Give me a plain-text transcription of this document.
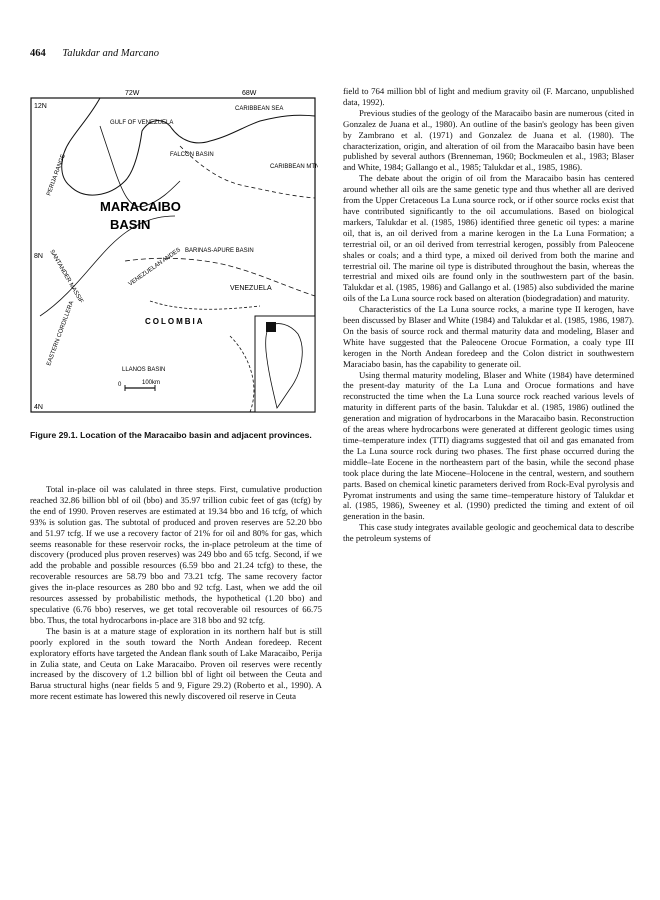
464 Talukdar and Marcano
72W	68W
12N
8N
4N
CARIBBEAN SEA
GULF OF VENEZUELA
FALCON BASIN
CARIBBEAN MTN
MARACAIBO
BASIN
PERIJA RANGE
SANTANDER MASSIF	VENEZUELAN ANDES BARINAS-APURE BASIN
VENEZUELA
COLOMBIA
EASTERN CORDILLERA
LLANOS BASIN
0	100km
Figure 29.1. Location of the Maracaibo basin and adjacent provinces.

Total in-place oil was calulated in three steps. First, cumulative production reached 32.86 billion bbl of oil (bbo) and 35.97 trillion cubic feet of gas (tcfg) by the end of 1990. Proven reserves are estimated at 19.34 bbo and 16 tcfg, of which 93% is solution gas. The subtotal of produced and proven reserves are 52.20 bbo and 51.97 tcfg. If we use a recovery factor of 21% for oil and 80% for gas, which seems reasonable for these reservoir rocks, the in-place petroleum at the time of discovery (produced plus proven reserves) was 249 bbo and 65 tcfg. Second, if we add the probable and possible resources (6.59 bbo and 21.24 tcfg) to these, the recoverable resources are 58.79 bbo and 73.21 tcfg. The same recovery factor gives the in-place resources as 280 bbo and 92 tcfg. Last, when we add the oil resources assessed by probabilistic methods, the hypothetical (1.20 bbo) and speculative (6.76 bbo) reserves, we get total recoverable oil resources of 66.75 bbo. Thus, the total hydrocarbons in-place are 318 bbo and 92 tcfg.

The basin is at a mature stage of exploration in its northern half but is still poorly explored in the south toward the North Andean foredeep. Recent exploratory efforts have targeted the Andean flank south of Lake Maracaibo, Perija in Zulia state, and Ceuta on Lake Maracaibo. Proven oil reserves were recently increased by the discovery of 1.2 billion bbl of light oil between the Ceuta and Barua structural highs (near fields 5 and 9, Figure 29.2) (Roberto et al., 1990). A more recent estimate has lowered this newly discovered oil reserve in Ceuta

field to 764 million bbl of light and medium gravity oil (F. Marcano, unpublished data, 1992).

Previous studies of the geology of the Maracaibo basin are numerous (cited in Gonzalez de Juana et al., 1980). An outline of the basin's geology has been given by Zambrano et al. (1971) and Gonzalez de Juana et al. (1980). The characterization, origin, and alteration of oil from the Maracaibo basin have been published by several authors (Brenneman, 1960; Bockmeulen et al., 1983; Blaser and White, 1984; Gallango et al., 1985; Talukdar et al., 1985, 1986).

The debate about the origin of oil from the Maracaibo basin has centered around whether all oils are the same genetic type and thus whether all are derived from the Upper Cretaceous La Luna source rock, or if other source rocks exist that have contributed significantly to the oil accumulations. Based on biological markers, Talukdar et al. (1985, 1986) identified three genetic oil types: a marine oil, that is, an oil derived from a marine kerogen in the La Luna Formation; a terrestrial oil, or an oil derived from terrestrial kerogen, possibly from Paleocene shales or coals; and a third type, a mixed oil derived from both the marine and terrestrial oil. The marine oil type is distributed throughout the basin, whereas the terrestrial and mixed oils are found only in the southwestern part of the basin. Talukdar et al. (1985, 1986) and Gallango et al. (1985) also subdivided the marine oils of the La Luna source rock based on alteration (biodegradation) and maturity.

Characteristics of the La Luna source rocks, a marine type II kerogen, have been discussed by Blaser and White (1984) and Talukdar et al. (1985, 1986, 1987). On the basis of source rock and thermal maturity data and modeling, Blaser and White have suggested that the Paleocene Orocue Formation, a coaly type III kerogen in the North Andean foredeep and the Colon district in southwestern Maraciabo basin, has the capability to generate oil.

Using thermal maturity modeling, Blaser and White (1984) have determined the present-day maturity of the La Luna and Orocue formations and have reconstructed the time when the La Luna source rock reached various levels of maturity in different parts of the basin. Talukdar et al. (1985, 1986) outlined the generation and migration of hydrocarbons in the Maracaibo basin. Reconstruction of the areas where hydrocarbons were generated at different geologic times using time–temperature index (TTI) diagrams suggested that oil and gas emanated from the La Luna source rock during two phases. The first phase occurred during the middle–late Eocene in the northeastern part of the basin, while the second phase took place during the late Miocene–Holocene in the central, western, and southern parts. Based on chemical kinetic parameters derived from Rock-Eval pyrolysis and Pyromat instruments and using the same time–temperature history of Talukdar et al. (1985, 1986), Sweeney et al. (1990) predicted the timing and extent of oil generation in the basin.

This case study integrates available geologic and geochemical data to describe the petroleum systems of
